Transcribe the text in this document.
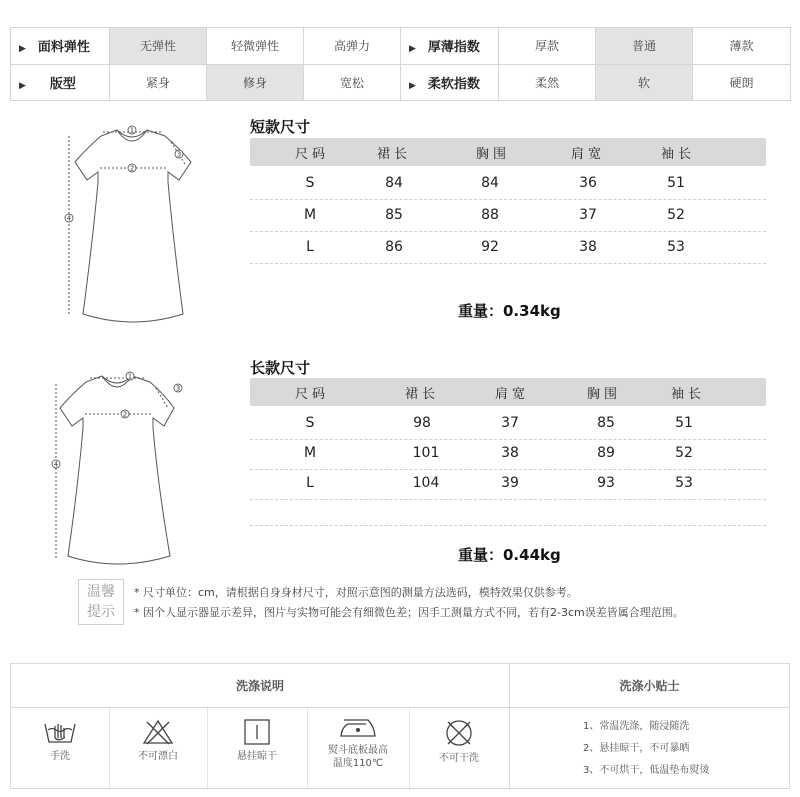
▶ 面料弹性	无弹性	轻微弹性	高弹力	▶ 厚薄指数	厚款	普通	薄款
▶ 版型	紧身	修身	宽松	▶ 柔软指数	柔然	软	硬朗
1
2
3
4
短款尺寸
尺码	裙长	胸围	肩宽	袖长
S	84	84	36	51
M	85	88	37	52
L	86	92	38	53
重量：0.34kg
1
2
3
4
长款尺寸
尺码	裙长	肩宽	胸围	袖长
S	98	37	85	51
M	101	38	89	52
L	104	39	93	53
重量：0.44kg
温馨
提示
* 尺寸单位：cm，请根据自身身材尺寸，对照示意图的测量方法选码，模特效果仅供参考。
* 因个人显示器显示差异，图片与实物可能会有细微色差；因手工测量方式不同，若有2-3cm误差皆属合理范围。
洗涤说明	洗涤小贴士
手洗	不可漂白	悬挂晾干
熨斗底板最高
温度110℃	不可干洗
1、常温洗涤，随浸随洗
2、悬挂晾干，不可暴晒
3、不可烘干，低温垫布熨烫
